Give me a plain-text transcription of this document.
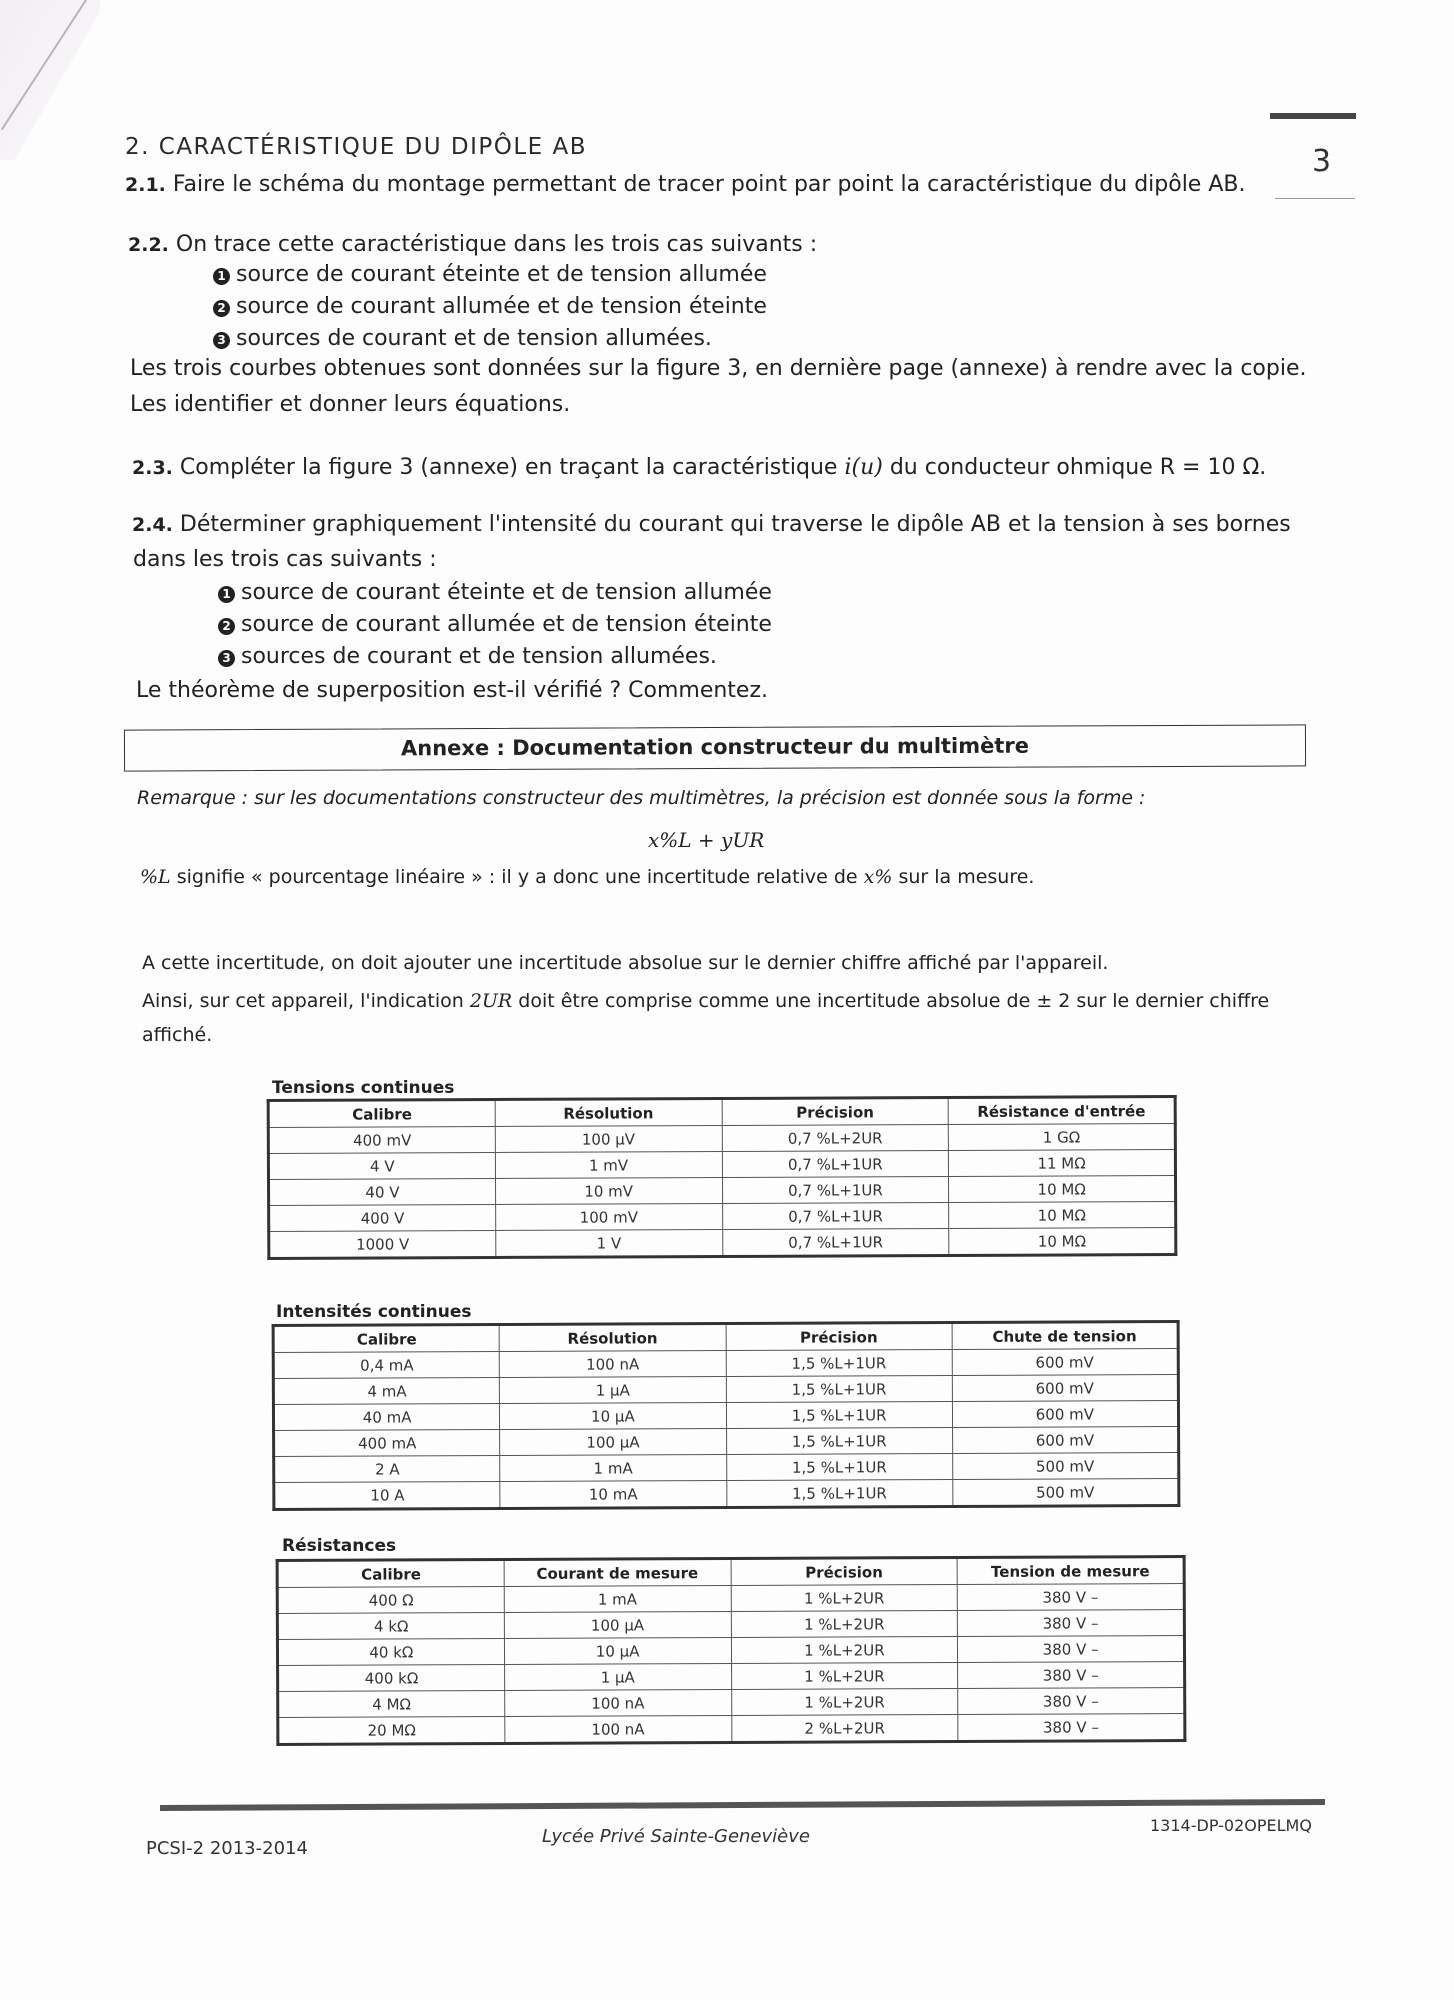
3
2. CARACTÉRISTIQUE DU DIPÔLE AB
2.1. Faire le schéma du montage permettant de tracer point par point la caractéristique du dipôle AB.
2.2. On trace cette caractéristique dans les trois cas suivants :
1 source de courant éteinte et de tension allumée
2 source de courant allumée et de tension éteinte
3 sources de courant et de tension allumées.
Les trois courbes obtenues sont données sur la figure 3, en dernière page (annexe) à rendre avec la copie.
Les identifier et donner leurs équations.
2.3. Compléter la figure 3 (annexe) en traçant la caractéristique i(u) du conducteur ohmique R = 10 Ω.
2.4. Déterminer graphiquement l'intensité du courant qui traverse le dipôle AB et la tension à ses bornes
dans les trois cas suivants :
1 source de courant éteinte et de tension allumée
2 source de courant allumée et de tension éteinte
3 sources de courant et de tension allumées.
Le théorème de superposition est-il vérifié ? Commentez.
Annexe : Documentation constructeur du multimètre
Remarque : sur les documentations constructeur des multimètres, la précision est donnée sous la forme :
x%L + yUR
%L signifie « pourcentage linéaire » : il y a donc une incertitude relative de x% sur la mesure.
A cette incertitude, on doit ajouter une incertitude absolue sur le dernier chiffre affiché par l'appareil.
Ainsi, sur cet appareil, l'indication 2UR doit être comprise comme une incertitude absolue de ± 2 sur le dernier chiffre
affiché.
Tensions continues
Calibre	Résolution	Précision	Résistance d'entrée
400 mV	100 µV	0,7 %L+2UR	1 GΩ
4 V	1 mV	0,7 %L+1UR	11 MΩ
40 V	10 mV	0,7 %L+1UR	10 MΩ
400 V	100 mV	0,7 %L+1UR	10 MΩ
1000 V	1 V	0,7 %L+1UR	10 MΩ
Intensités continues
Calibre	Résolution	Précision	Chute de tension
0,4 mA	100 nA	1,5 %L+1UR	600 mV
4 mA	1 µA	1,5 %L+1UR	600 mV
40 mA	10 µA	1,5 %L+1UR	600 mV
400 mA	100 µA	1,5 %L+1UR	600 mV
2 A	1 mA	1,5 %L+1UR	500 mV
10 A	10 mA	1,5 %L+1UR	500 mV
Résistances
Calibre	Courant de mesure	Précision	Tension de mesure
400 Ω	1 mA	1 %L+2UR	380 V –
4 kΩ	100 µA	1 %L+2UR	380 V –
40 kΩ	10 µA	1 %L+2UR	380 V –
400 kΩ	1 µA	1 %L+2UR	380 V –
4 MΩ	100 nA	1 %L+2UR	380 V –
20 MΩ	100 nA	2 %L+2UR	380 V –
PCSI-2 2013-2014
Lycée Privé Sainte-Geneviève
1314-DP-02OPELMQ
